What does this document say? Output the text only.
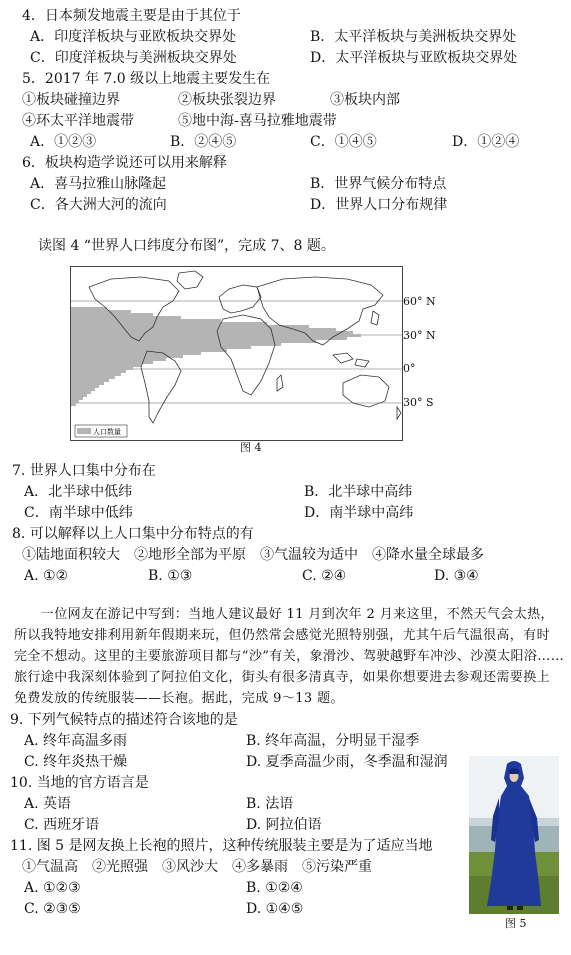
4．日本频发地震主要是由于其位于
A．印度洋板块与亚欧板块交界处	B．太平洋板块与美洲板块交界处
C．印度洋板块与美洲板块交界处	D．太平洋板块与亚欧板块交界处
5．2017 年 7.0 级以上地震主要发生在
①板块碰撞边界	②板块张裂边界	③板块内部
④环太平洋地震带	⑤地中海-喜马拉雅地震带
A．①②③	B．②④⑤	C．①④⑤	D．①②④
6．板块构造学说还可以用来解释
A．喜马拉雅山脉隆起	B．世界气候分布特点
C．各大洲大河的流向	D．世界人口分布规律
读图 4 “世界人口纬度分布图”，完成 7、8 题。
人口数量
60° N
30° N
0°
30° S
图 4
7. 世界人口集中分布在
A．北半球中低纬	B．北半球中高纬
C．南半球中低纬	D．南半球中高纬
8. 可以解释以上人口集中分布特点的有
①陆地面积较大　②地形全部为平原　③气温较为适中　④降水量全球最多
A. ①②	B. ①③	C. ②④	D. ③④
　　一位网友在游记中写到：当地人建议最好 11 月到次年 2 月来这里，不然天气会太热，
所以我特地安排利用新年假期来玩，但仍然常会感觉光照特别强，尤其午后气温很高，有时
完全不想动。这里的主要旅游项目都与“沙”有关，象滑沙、驾驶越野车冲沙、沙漠太阳浴……
旅行途中我深刻体验到了阿拉伯文化，街头有很多清真寺，如果你想要进去参观还需要换上
免费发放的传统服装——长袍。据此，完成 9～13 题。
9. 下列气候特点的描述符合该地的是
A. 终年高温多雨	B. 终年高温，分明显干湿季
C. 终年炎热干燥	D. 夏季高温少雨，冬季温和湿润
10. 当地的官方语言是
A. 英语	B. 法语
C. 西班牙语	D. 阿拉伯语
11. 图 5 是网友换上长袍的照片，这种传统服装主要是为了适应当地
①气温高　②光照强　③风沙大　④多暴雨　⑤污染严重
A. ①②③	B. ①②④
C. ②③⑤	D. ①④⑤
图 5
